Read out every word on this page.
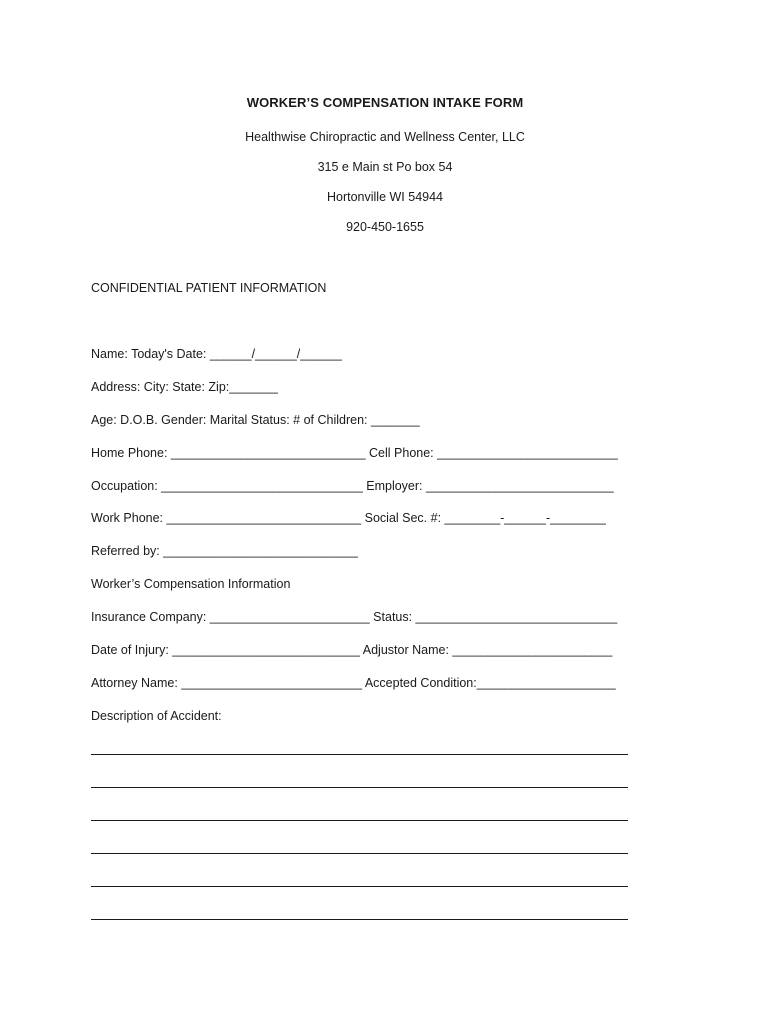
WORKER’S COMPENSATION INTAKE FORM
Healthwise Chiropractic and Wellness Center, LLC
315 e Main st Po box 54
Hortonville WI 54944
920-450-1655
CONFIDENTIAL PATIENT INFORMATION
Name: Today's Date: ______/______/______
Address: City: State: Zip:_______
Age: D.O.B. Gender: Marital Status: # of Children: _______
Home Phone: ____________________________ Cell Phone: __________________________
Occupation: _____________________________ Employer: ___________________________
Work Phone: ____________________________ Social Sec. #: ________-______-________
Referred by: ____________________________
Worker’s Compensation Information
Insurance Company: _______________________ Status: _____________________________
Date of Injury: ___________________________ Adjustor Name: _______________________
Attorney Name: __________________________ Accepted Condition:____________________
Description of Accident:
